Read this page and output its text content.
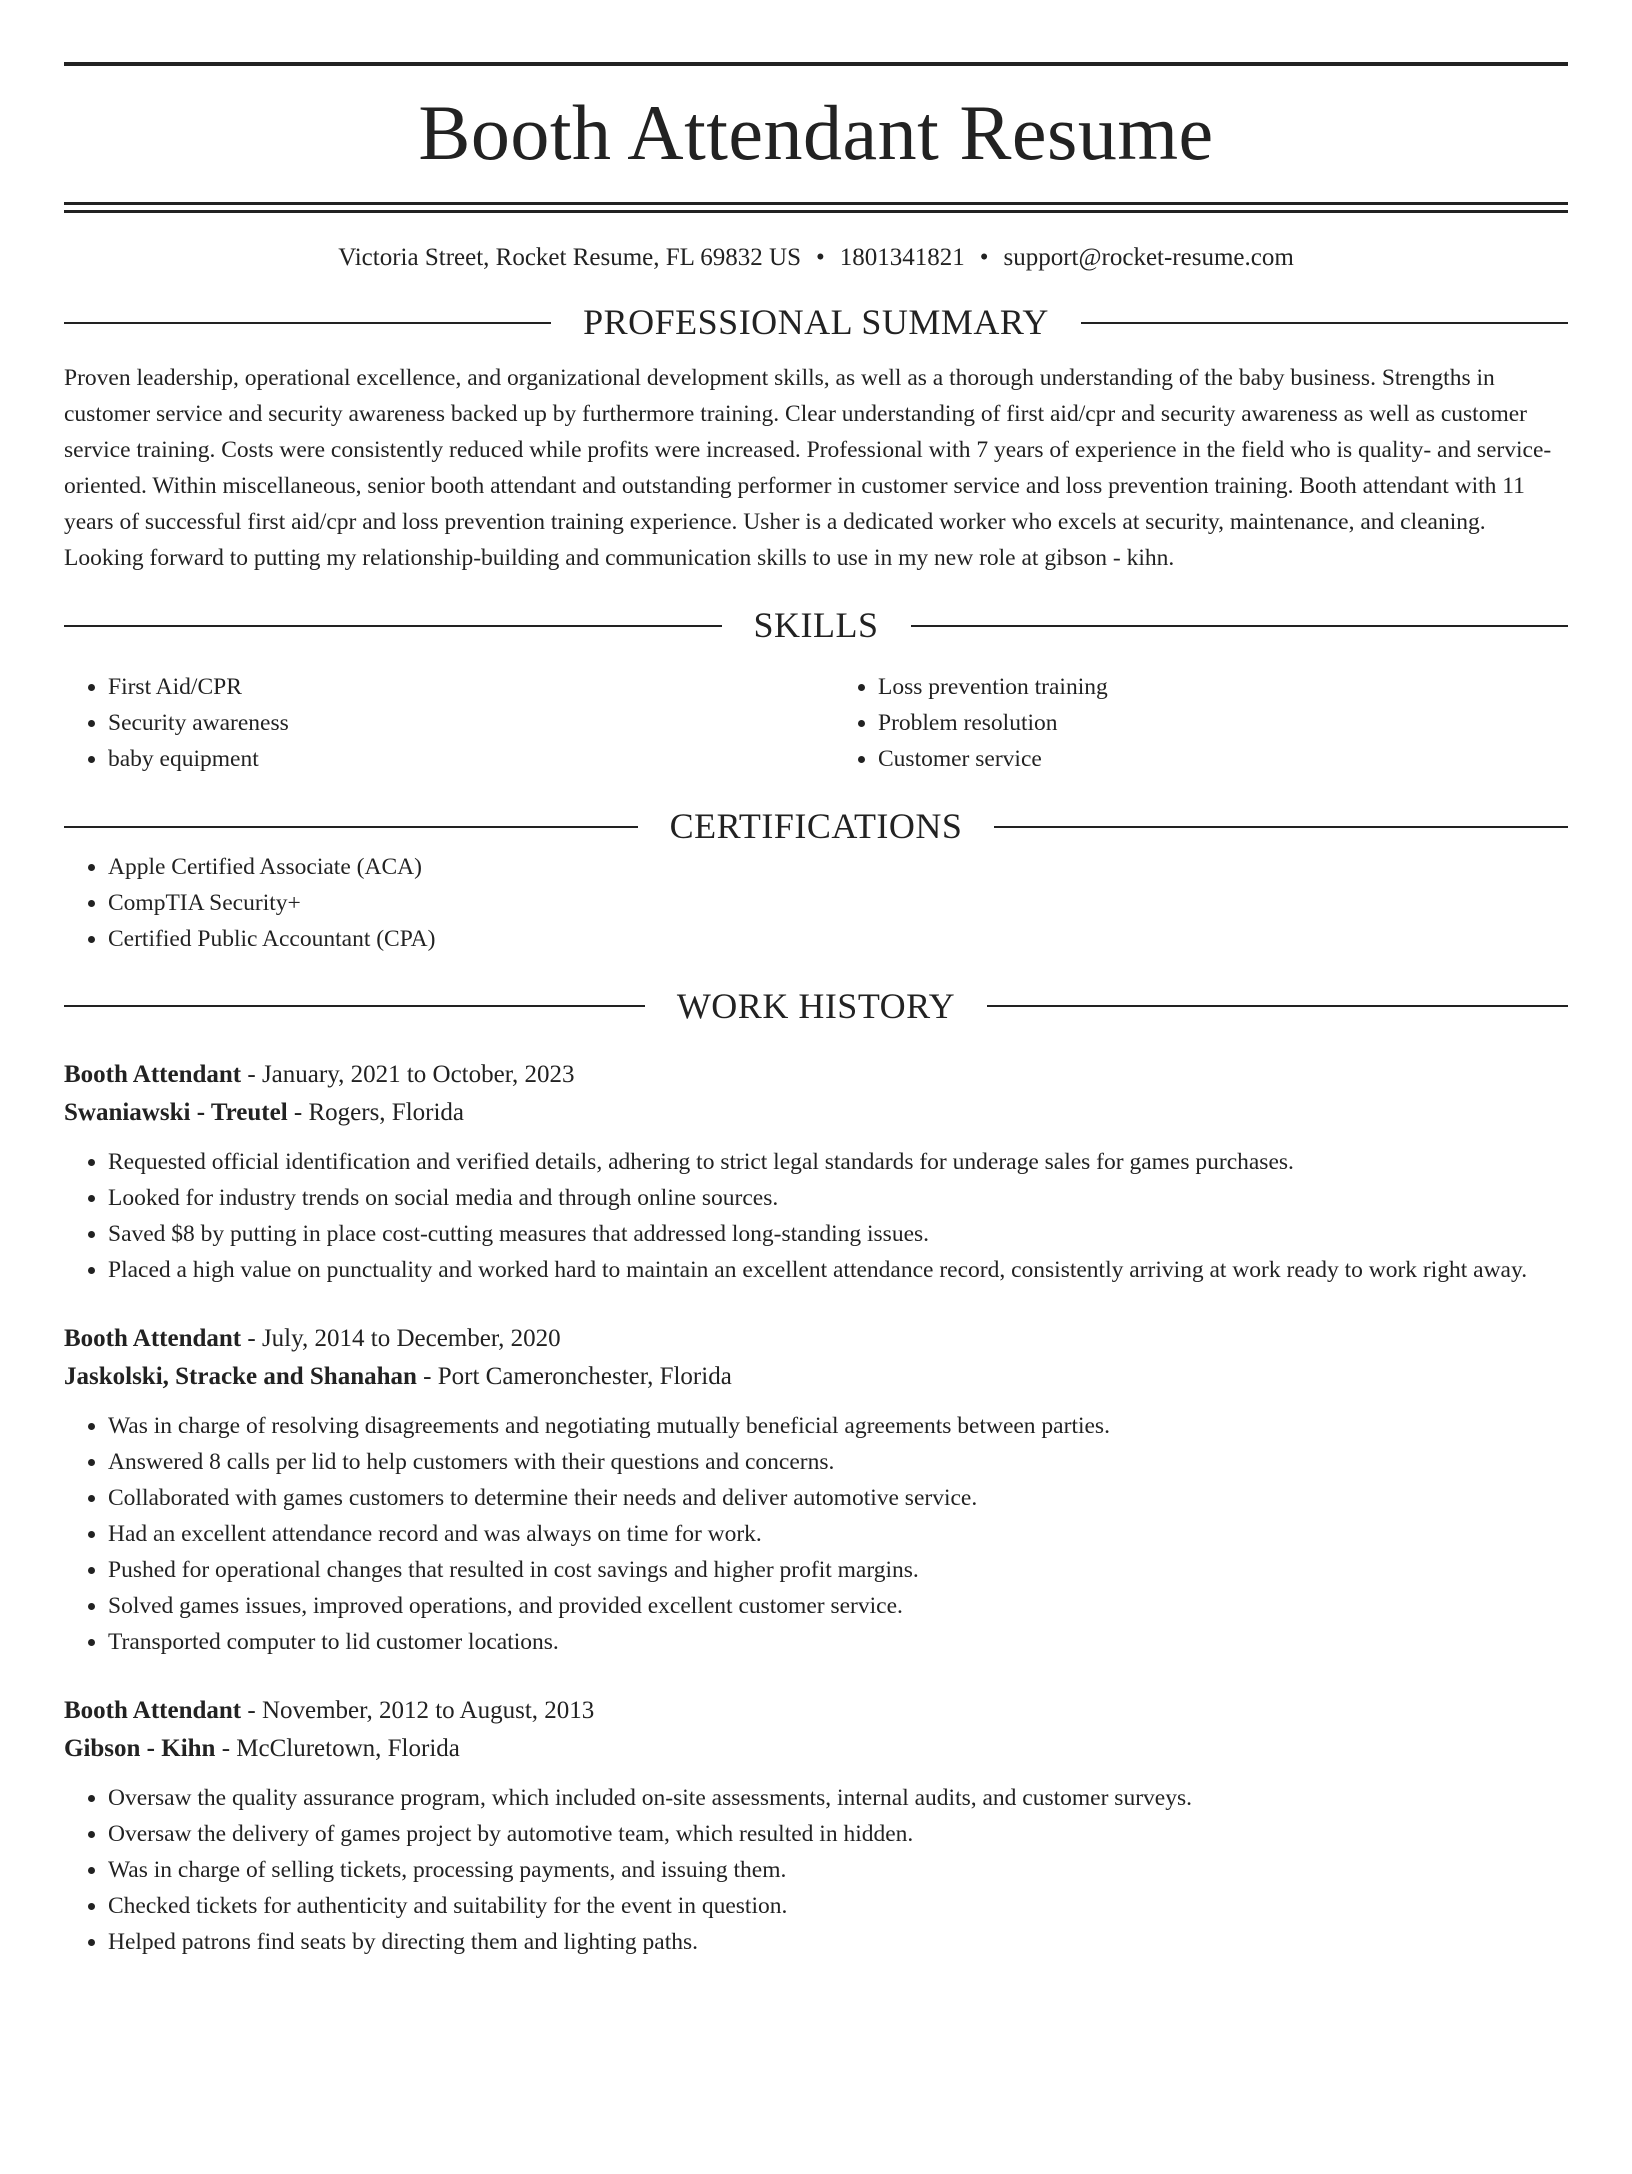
Booth Attendant Resume
Victoria Street, Rocket Resume, FL 69832 US • 1801341821 • support@rocket-resume.com
PROFESSIONAL SUMMARY

Proven leadership, operational excellence, and organizational development skills, as well as a thorough understanding of the baby business. Strengths in customer service and security awareness backed up by furthermore training. Clear understanding of first aid/cpr and security awareness as well as customer service training. Costs were consistently reduced while profits were increased. Professional with 7 years of experience in the field who is quality- and service-oriented. Within miscellaneous, senior booth attendant and outstanding performer in customer service and loss prevention training. Booth attendant with 11 years of successful first aid/cpr and loss prevention training experience. Usher is a dedicated worker who excels at security, maintenance, and cleaning. Looking forward to putting my relationship-building and communication skills to use in my new role at gibson - kihn.

SKILLS
• First Aid/CPR
• Security awareness
• baby equipment
• Loss prevention training
• Problem resolution
• Customer service
CERTIFICATIONS
• Apple Certified Associate (ACA)
• CompTIA Security+
• Certified Public Accountant (CPA)
WORK HISTORY
Booth Attendant - January, 2021 to October, 2023
Swaniawski - Treutel - Rogers, Florida
• Requested official identification and verified details, adhering to strict legal standards for underage sales for games purchases.
• Looked for industry trends on social media and through online sources.
• Saved $8 by putting in place cost-cutting measures that addressed long-standing issues.
• Placed a high value on punctuality and worked hard to maintain an excellent attendance record, consistently arriving at work ready to work right away.
Booth Attendant - July, 2014 to December, 2020
Jaskolski, Stracke and Shanahan - Port Cameronchester, Florida
• Was in charge of resolving disagreements and negotiating mutually beneficial agreements between parties.
• Answered 8 calls per lid to help customers with their questions and concerns.
• Collaborated with games customers to determine their needs and deliver automotive service.
• Had an excellent attendance record and was always on time for work.
• Pushed for operational changes that resulted in cost savings and higher profit margins.
• Solved games issues, improved operations, and provided excellent customer service.
• Transported computer to lid customer locations.
Booth Attendant - November, 2012 to August, 2013
Gibson - Kihn - McCluretown, Florida
• Oversaw the quality assurance program, which included on-site assessments, internal audits, and customer surveys.
• Oversaw the delivery of games project by automotive team, which resulted in hidden.
• Was in charge of selling tickets, processing payments, and issuing them.
• Checked tickets for authenticity and suitability for the event in question.
• Helped patrons find seats by directing them and lighting paths.
